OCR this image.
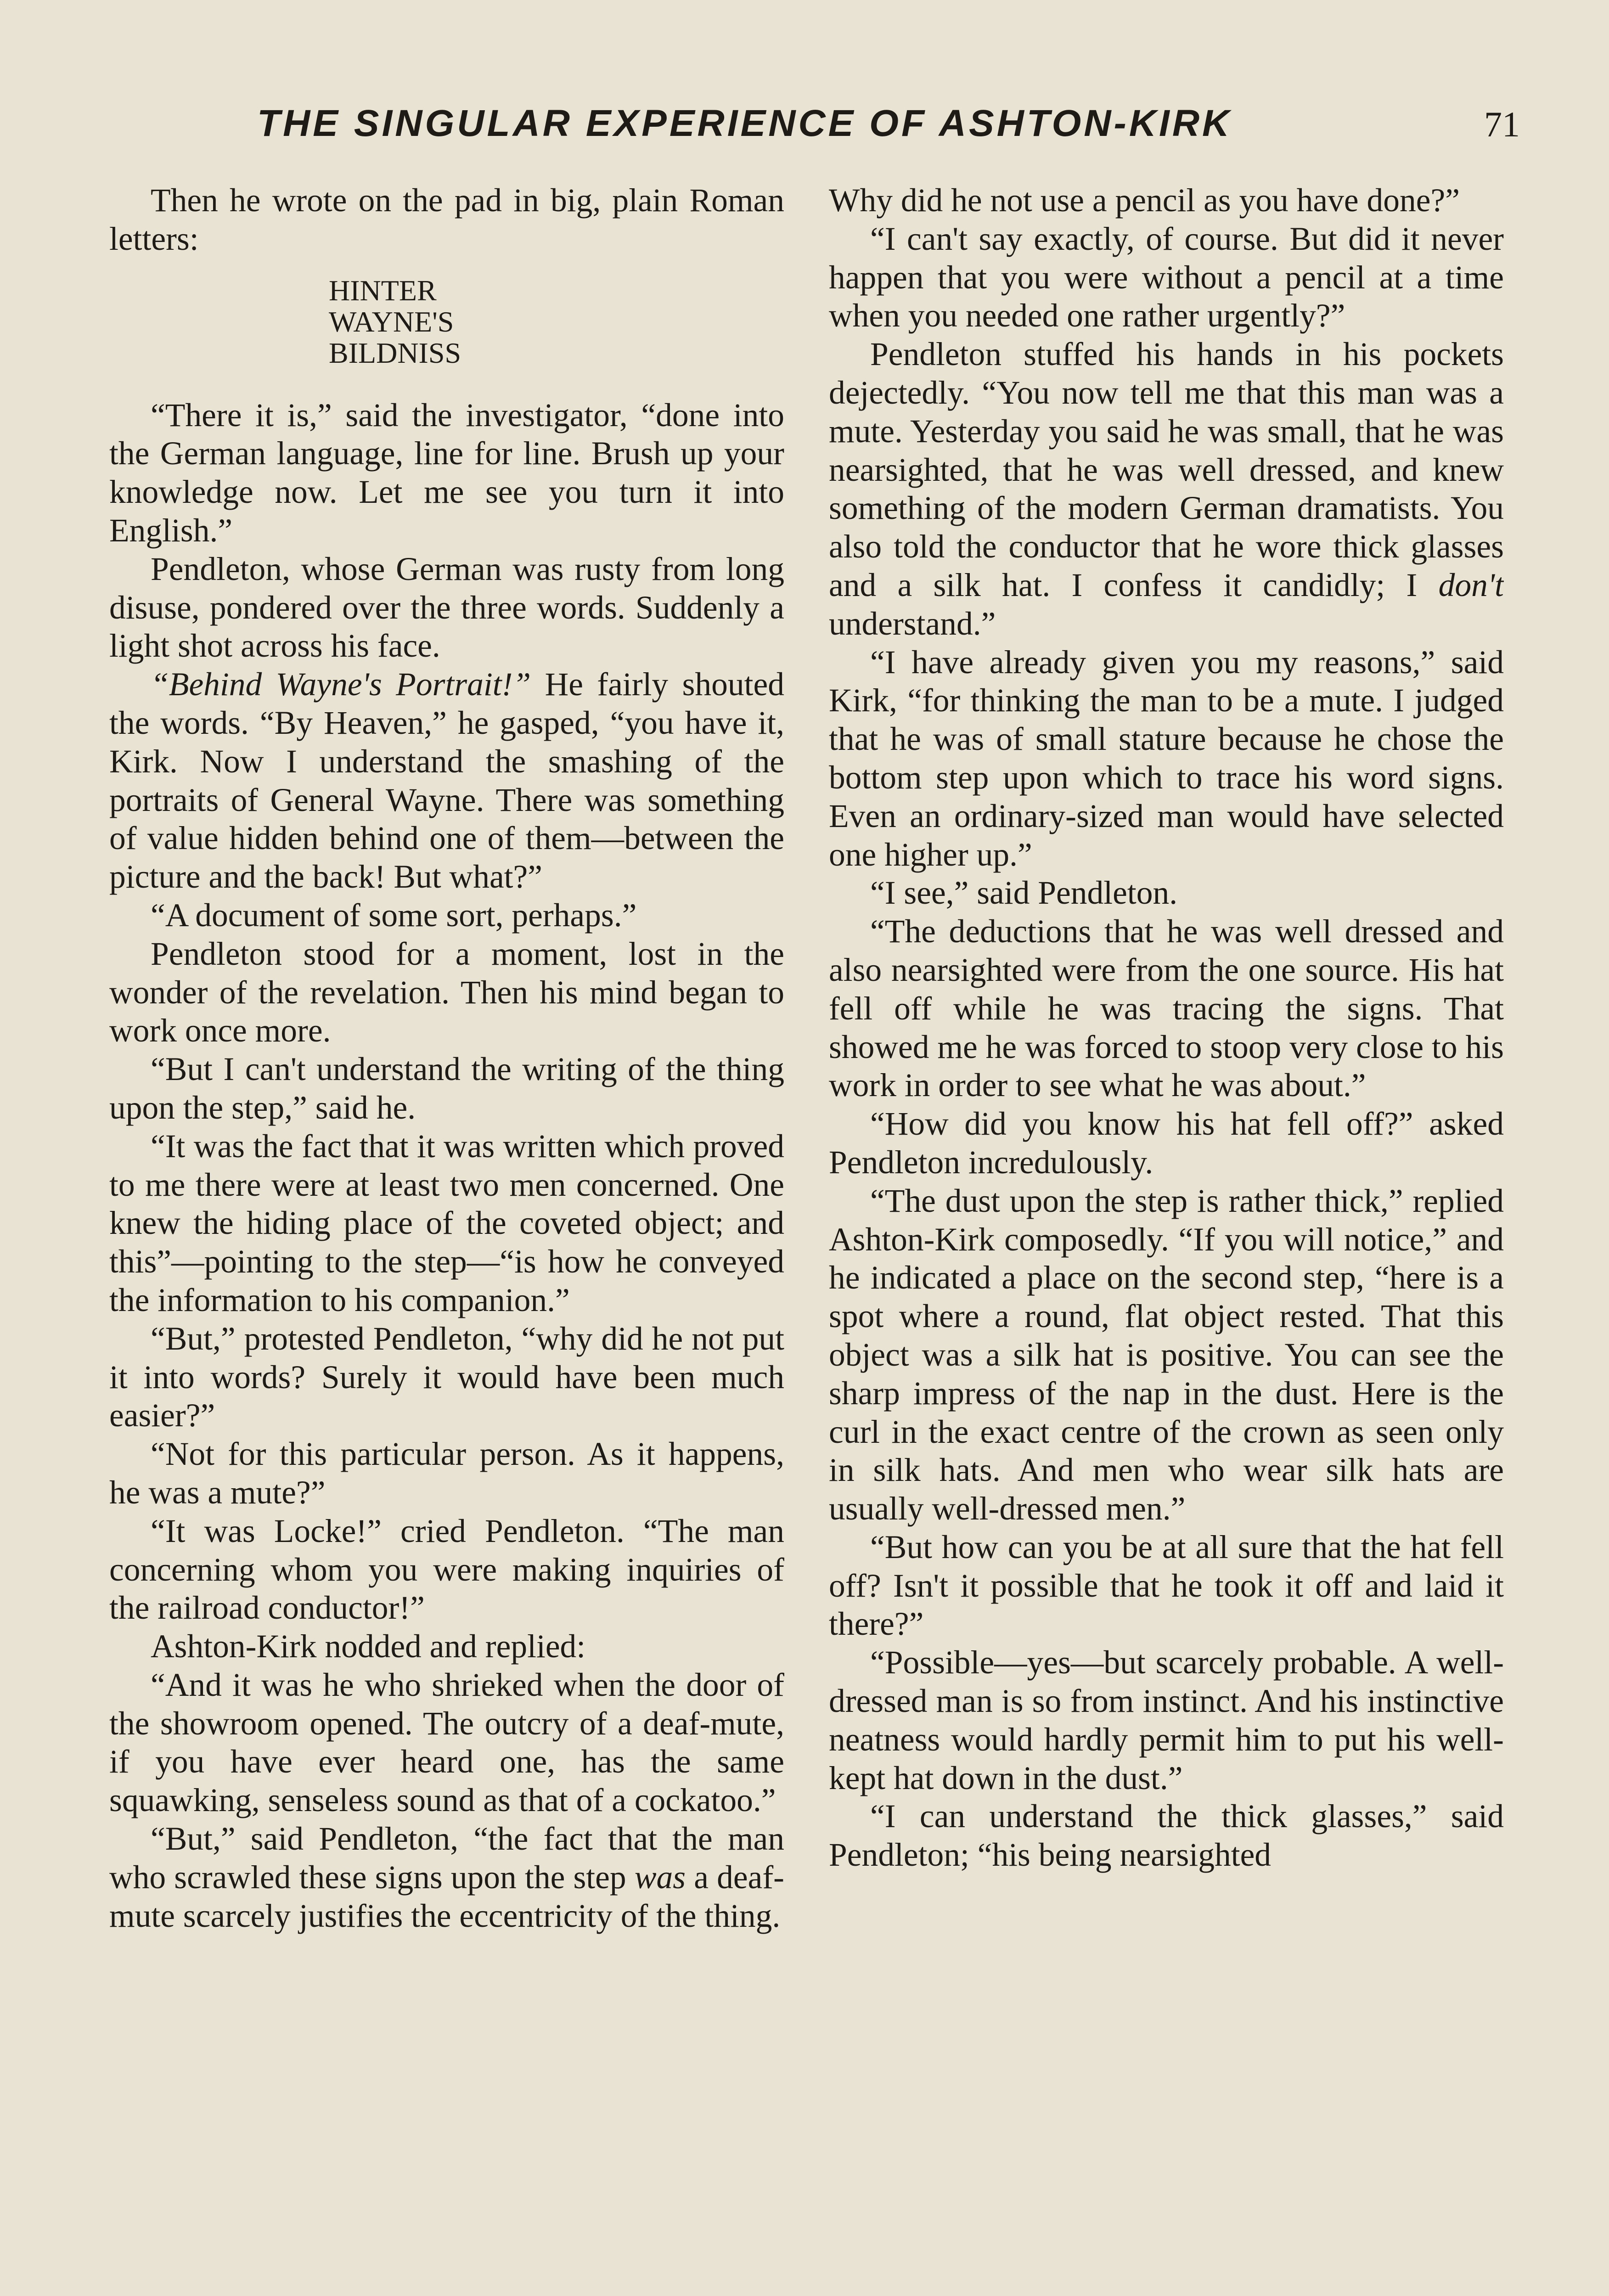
THE SINGULAR EXPERIENCE OF ASHTON-KIRK	71

Then he wrote on the pad in big, plain Roman letters:

HINTER
WAYNE'S
BILDNISS

“There it is,” said the investigator, “done into the German language, line for line. Brush up your knowledge now. Let me see you turn it into English.”

Pendleton, whose German was rusty from long disuse, pondered over the three words. Suddenly a light shot across his face.

“Behind Wayne's Portrait!” He fairly shouted the words. “By Heaven,” he gasped, “you have it, Kirk. Now I understand the smashing of the portraits of General Wayne. There was something of value hidden behind one of them—between the picture and the back! But what?”

“A document of some sort, perhaps.”

Pendleton stood for a moment, lost in the wonder of the revelation. Then his mind began to work once more.

“But I can't understand the writing of the thing upon the step,” said he.

“It was the fact that it was written which proved to me there were at least two men concerned. One knew the hiding place of the coveted object; and this”—pointing to the step—“is how he conveyed the information to his companion.”

“But,” protested Pendleton, “why did he not put it into words? Surely it would have been much easier?”

“Not for this particular person. As it happens, he was a mute?”

“It was Locke!” cried Pendleton. “The man concerning whom you were making inquiries of the railroad conductor!”

Ashton-Kirk nodded and replied:

“And it was he who shrieked when the door of the showroom opened. The outcry of a deaf-mute, if you have ever heard one, has the same squawking, senseless sound as that of a cockatoo.”

“But,” said Pendleton, “the fact that the man who scrawled these signs upon the step was a deaf-mute scarcely justifies the eccentricity of the thing.

Why did he not use a pencil as you have done?”

“I can't say exactly, of course. But did it never happen that you were without a pencil at a time when you needed one rather urgently?”

Pendleton stuffed his hands in his pockets dejectedly. “You now tell me that this man was a mute. Yesterday you said he was small, that he was nearsighted, that he was well dressed, and knew something of the modern German dramatists. You also told the conductor that he wore thick glasses and a silk hat. I confess it candidly; I don't understand.”

“I have already given you my reasons,” said Kirk, “for thinking the man to be a mute. I judged that he was of small stature because he chose the bottom step upon which to trace his word signs. Even an ordinary-sized man would have selected one higher up.”

“I see,” said Pendleton.

“The deductions that he was well dressed and also nearsighted were from the one source. His hat fell off while he was tracing the signs. That showed me he was forced to stoop very close to his work in order to see what he was about.”

“How did you know his hat fell off?” asked Pendleton incredulously.

“The dust upon the step is rather thick,” replied Ashton-Kirk composedly. “If you will notice,” and he indicated a place on the second step, “here is a spot where a round, flat object rested. That this object was a silk hat is positive. You can see the sharp impress of the nap in the dust. Here is the curl in the exact centre of the crown as seen only in silk hats. And men who wear silk hats are usually well-dressed men.”

“But how can you be at all sure that the hat fell off? Isn't it possible that he took it off and laid it there?”

“Possible—yes—but scarcely probable. A well-dressed man is so from instinct. And his instinctive neatness would hardly permit him to put his well-kept hat down in the dust.”

“I can understand the thick glasses,” said Pendleton; “his being nearsighted
